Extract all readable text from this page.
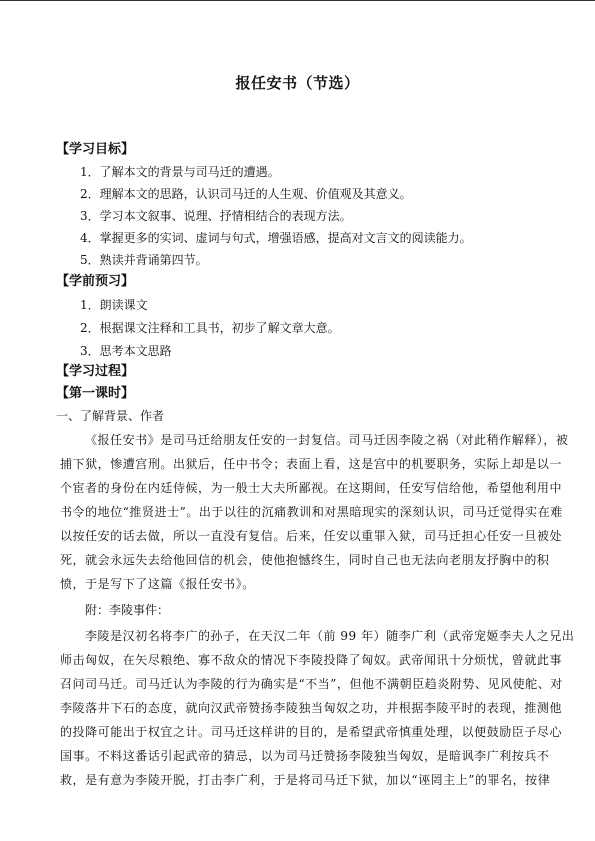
报任安书（节选）
【学习目标】
1．了解本文的背景与司马迁的遭遇。
2．理解本文的思路，认识司马迁的人生观、价值观及其意义。
3．学习本文叙事、说理、抒情相结合的表现方法。
4．掌握更多的实词、虚词与句式，增强语感，提高对文言文的阅读能力。
5．熟读并背诵第四节。
【学前预习】
1．朗读课文
2．根据课文注释和工具书，初步了解文章大意。
3．思考本文思路
【学习过程】
【第一课时】
一、了解背景、作者
《报任安书》是司马迁给朋友任安的一封复信。司马迁因李陵之祸（对此稍作解释），被
捕下狱，惨遭宫刑。出狱后，任中书令；表面上看，这是宫中的机要职务，实际上却是以一
个宦者的身份在内廷侍候，为一般士大夫所鄙视。在这期间，任安写信给他，希望他利用中
书令的地位“推贤进士”。出于以往的沉痛教训和对黑暗现实的深刻认识，司马迁觉得实在难
以按任安的话去做，所以一直没有复信。后来，任安以重罪入狱，司马迁担心任安一旦被处
死，就会永远失去给他回信的机会，使他抱憾终生，同时自己也无法向老朋友抒胸中的积
愤，于是写下了这篇《报任安书》。
附：李陵事件：
李陵是汉初名将李广的孙子，在天汉二年（前 99 年）随李广利（武帝宠姬李夫人之兄出
师击匈奴，在矢尽粮绝、寡不敌众的情况下李陵投降了匈奴。武帝闻讯十分烦忧，曾就此事
召问司马迁。司马迁认为李陵的行为确实是“不当”，但他不满朝臣趋炎附势、见风使舵、对
李陵落井下石的态度，就向汉武帝赞扬李陵独当匈奴之功，并根据李陵平时的表现，推测他
的投降可能出于权宜之计。司马迁这样讲的目的，是希望武帝慎重处理，以便鼓励臣子尽心
国事。不料这番话引起武帝的猜忌，以为司马迁赞扬李陵独当匈奴，是暗讽李广利按兵不
救，是有意为李陵开脱，打击李广利，于是将司马迁下狱，加以“诬罔主上”的罪名，按律
